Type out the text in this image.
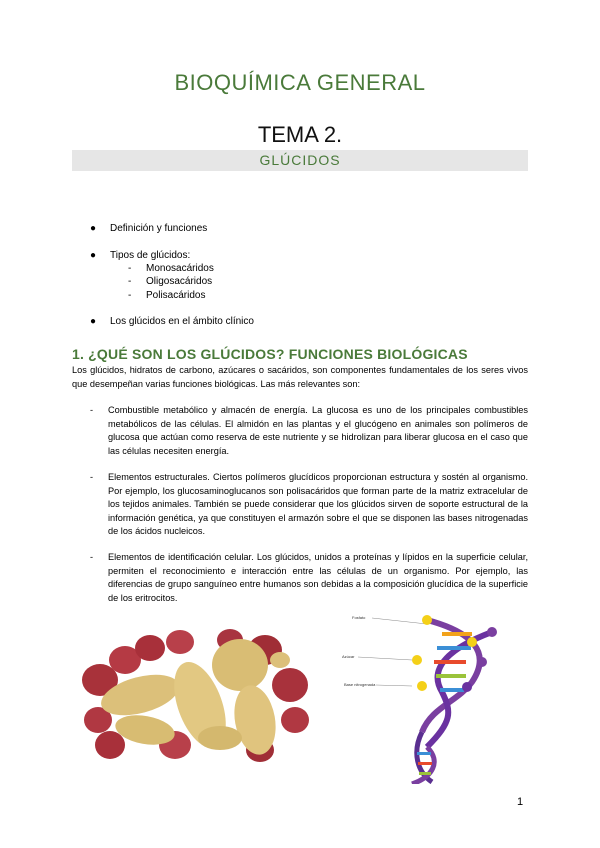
BIOQUÍMICA GENERAL
TEMA 2.
GLÚCIDOS
● Definición y funciones
● Tipos de glúcidos:
- Monosacáridos
- Oligosacáridos
- Polisacáridos
● Los glúcidos en el ámbito clínico
1. ¿QUÉ SON LOS GLÚCIDOS? FUNCIONES BIOLÓGICAS
Los glúcidos, hidratos de carbono, azúcares o sacáridos, son componentes fundamentales de los seres vivos que desempeñan varias funciones biológicas. Las más relevantes son:
- Combustible metabólico y almacén de energía. La glucosa es uno de los principales combustibles metabólicos de las células. El almidón en las plantas y el glucógeno en animales son polímeros de glucosa que actúan como reserva de este nutriente y se hidrolizan para liberar glucosa en el caso que las células necesiten energía.
- Elementos estructurales. Ciertos polímeros glucídicos proporcionan estructura y sostén al organismo. Por ejemplo, los glucosaminoglucanos son polisacáridos que forman parte de la matriz extracelular de los tejidos animales. También se puede considerar que los glúcidos sirven de soporte estructural de la información genética, ya que constituyen el armazón sobre el que se disponen las bases nitrogenadas de los ácidos nucleicos.
- Elementos de identificación celular. Los glúcidos, unidos a proteínas y lípidos en la superficie celular, permiten el reconocimiento e interacción entre las células de un organismo. Por ejemplo, las diferencias de grupo sanguíneo entre humanos son debidas a la composición glucídica de la superficie de los eritrocitos.
Fosfato
Azúcar
Base nitrogenada
1
